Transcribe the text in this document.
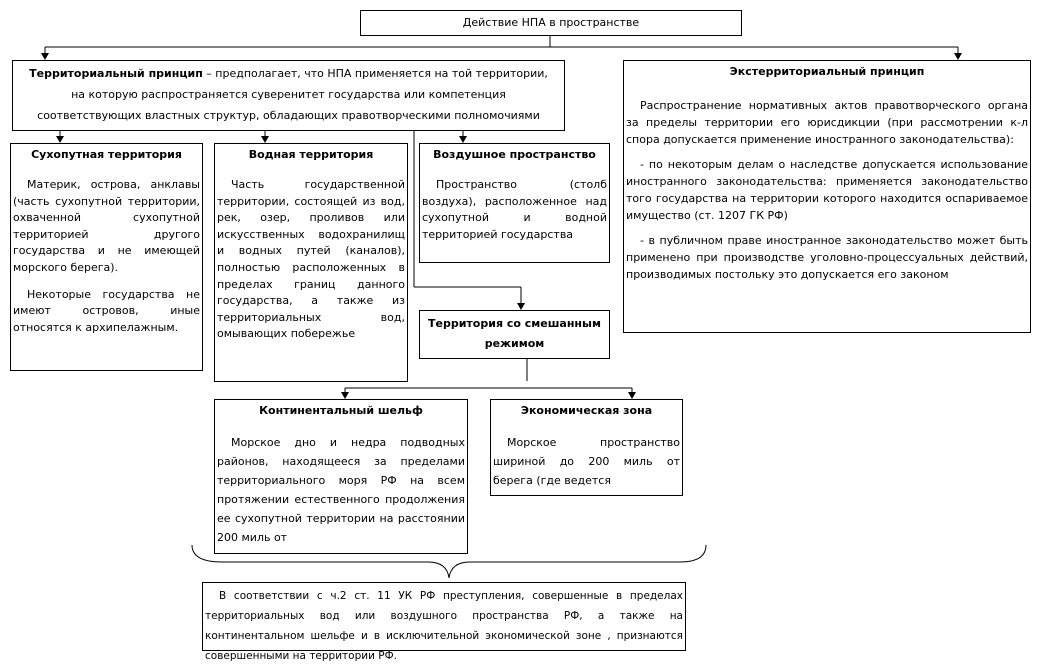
Действие НПА в пространстве
Территориальный принцип – предполагает, что НПА применяется на той территории,
на которую распространяется суверенитет государства или компетенция
соответствующих властных структур, обладающих правотворческими полномочиями
Экстерриториальный принцип

Распространение нормативных актов правотворческого органа за пределы территории его юрисдикции (при рассмотрении к-л спора допускается применение иностранного законодательства):

- по некоторым делам о наследстве допускается использование иностранного законодательства: применяется законодательство того государства на территории которого находится оспариваемое имущество (ст. 1207 ГК РФ)

- в публичном праве иностранное законодательство может быть применено при производстве уголовно-процессуальных действий, производимых постольку это допускается его законом

Сухопутная территория

Материк, острова, анклавы (часть сухопутной территории, охваченной сухопутной территорией другого государства и не имеющей морского берега).

Некоторые государства не имеют островов, иные относятся к архипелажным.

Водная территория

Часть государственной территории, состоящей из вод, рек, озер, проливов или искусственных водохранилищ и водных путей (каналов), полностью расположенных в пределах границ данного государства, а также из территориальных вод, омывающих побережье

Воздушное пространство

Пространство (столб воздуха), расположенное над сухопутной и водной территорией государства

Территория со смешанным режимом
Континентальный шельф

Морское дно и недра подводных районов, находящееся за пределами территориального моря РФ на всем протяжении естественного продолжения ее сухопутной территории на расстоянии 200 миль от

Экономическая зона

Морское пространство шириной до 200 миль от берега (где ведется

В соответствии с ч.2 ст. 11 УК РФ преступления, совершенные в пределах территориальных вод или воздушного пространства РФ, а также на континентальном шельфе и в исключительной экономической зоне , признаются совершенными на территории РФ.
